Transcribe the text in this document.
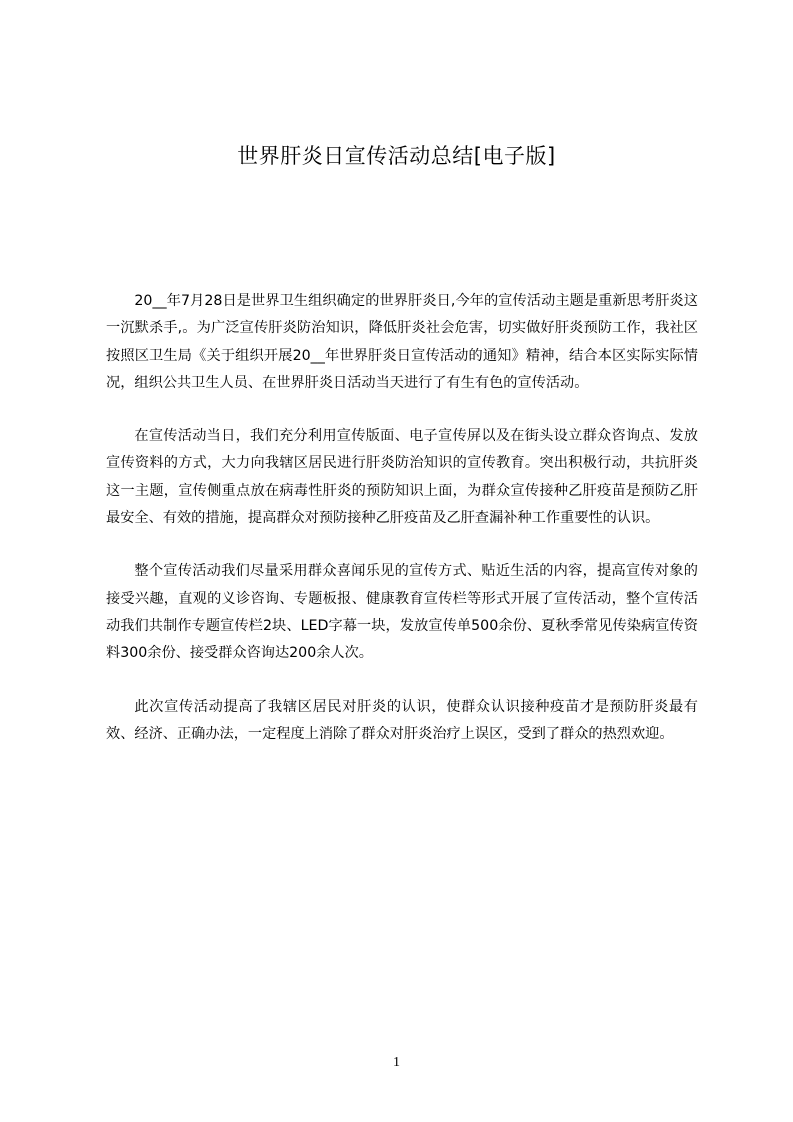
世界肝炎日宣传活动总结[电子版]

20__年7月28日是世界卫生组织确定的世界肝炎日,今年的宣传活动主题是重新思考肝炎这一沉默杀手,。为广泛宣传肝炎防治知识，降低肝炎社会危害，切实做好肝炎预防工作，我社区按照区卫生局《关于组织开展20__年世界肝炎日宣传活动的通知》精神，结合本区实际实际情况，组织公共卫生人员、在世界肝炎日活动当天进行了有生有色的宣传活动。

在宣传活动当日，我们充分利用宣传版面、电子宣传屏以及在街头设立群众咨询点、发放宣传资料的方式，大力向我辖区居民进行肝炎防治知识的宣传教育。突出积极行动，共抗肝炎这一主题，宣传侧重点放在病毒性肝炎的预防知识上面，为群众宣传接种乙肝疫苗是预防乙肝最安全、有效的措施，提高群众对预防接种乙肝疫苗及乙肝查漏补种工作重要性的认识。

整个宣传活动我们尽量采用群众喜闻乐见的宣传方式、贴近生活的内容，提高宣传对象的接受兴趣，直观的义诊咨询、专题板报、健康教育宣传栏等形式开展了宣传活动，整个宣传活动我们共制作专题宣传栏2块、LED字幕一块，发放宣传单500余份、夏秋季常见传染病宣传资料300余份、接受群众咨询达200余人次。

此次宣传活动提高了我辖区居民对肝炎的认识，使群众认识接种疫苗才是预防肝炎最有效、经济、正确办法，一定程度上消除了群众对肝炎治疗上误区，受到了群众的热烈欢迎。

1
